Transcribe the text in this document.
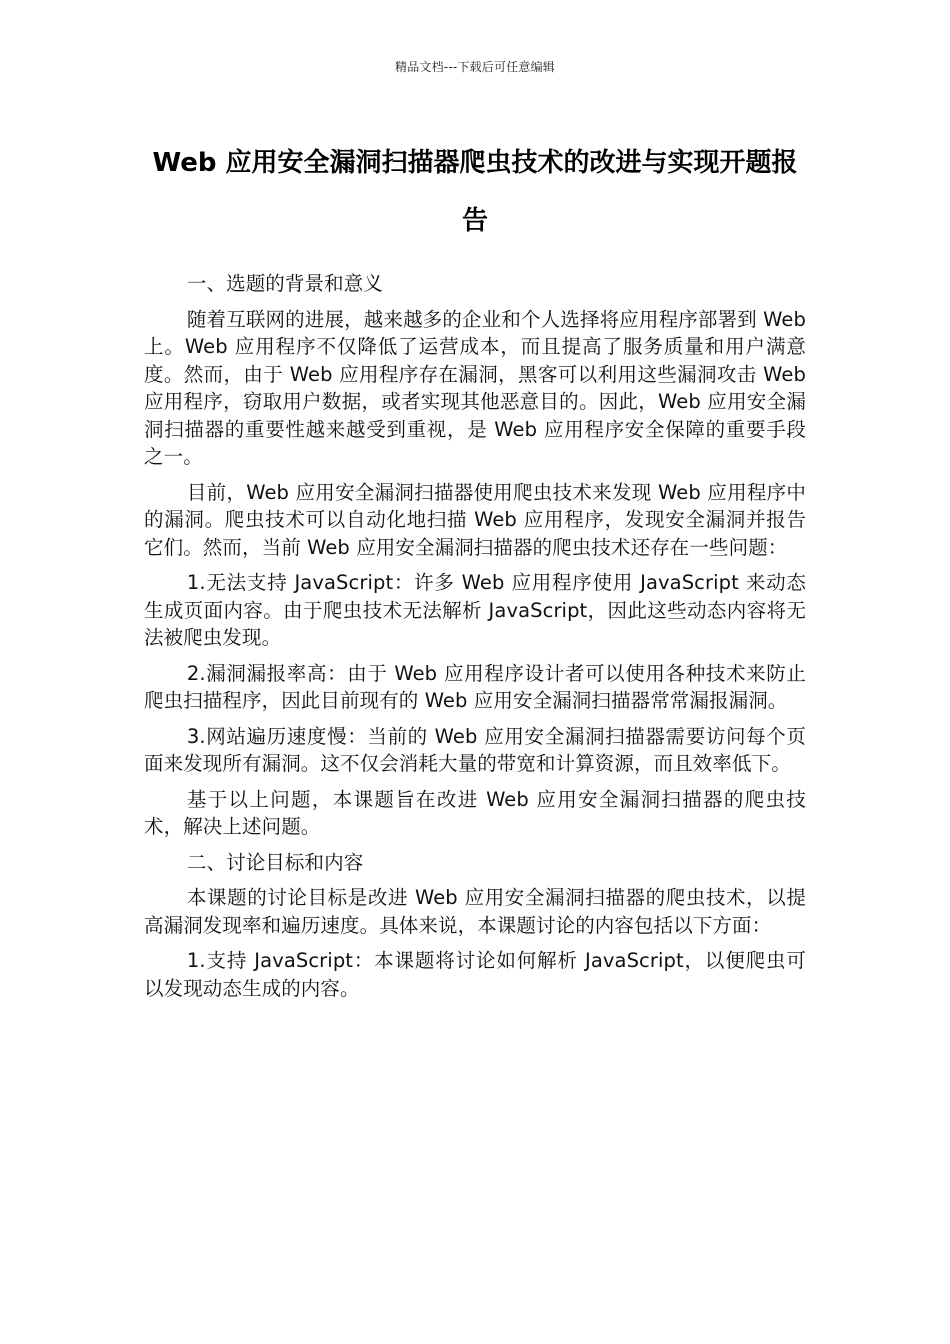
精品文档---下载后可任意编辑
Web 应用安全漏洞扫描器爬虫技术的改进与实现开题报告

一、选题的背景和意义

随着互联网的进展，越来越多的企业和个人选择将应用程序部署到 Web 上。Web 应用程序不仅降低了运营成本，而且提高了服务质量和用户满意度。然而，由于 Web 应用程序存在漏洞，黑客可以利用这些漏洞攻击 Web 应用程序，窃取用户数据，或者实现其他恶意目的。因此，Web 应用安全漏洞扫描器的重要性越来越受到重视，是 Web 应用程序安全保障的重要手段之一。

目前，Web 应用安全漏洞扫描器使用爬虫技术来发现 Web 应用程序中的漏洞。爬虫技术可以自动化地扫描 Web 应用程序，发现安全漏洞并报告它们。然而，当前 Web 应用安全漏洞扫描器的爬虫技术还存在一些问题：

1.无法支持 JavaScript：许多 Web 应用程序使用 JavaScript 来动态生成页面内容。由于爬虫技术无法解析 JavaScript，因此这些动态内容将无法被爬虫发现。

2.漏洞漏报率高：由于 Web 应用程序设计者可以使用各种技术来防止爬虫扫描程序，因此目前现有的 Web 应用安全漏洞扫描器常常漏报漏洞。

3.网站遍历速度慢：当前的 Web 应用安全漏洞扫描器需要访问每个页面来发现所有漏洞。这不仅会消耗大量的带宽和计算资源，而且效率低下。

基于以上问题，本课题旨在改进 Web 应用安全漏洞扫描器的爬虫技术，解决上述问题。

二、讨论目标和内容

本课题的讨论目标是改进 Web 应用安全漏洞扫描器的爬虫技术，以提高漏洞发现率和遍历速度。具体来说，本课题讨论的内容包括以下方面：

1.支持 JavaScript：本课题将讨论如何解析 JavaScript，以便爬虫可以发现动态生成的内容。
